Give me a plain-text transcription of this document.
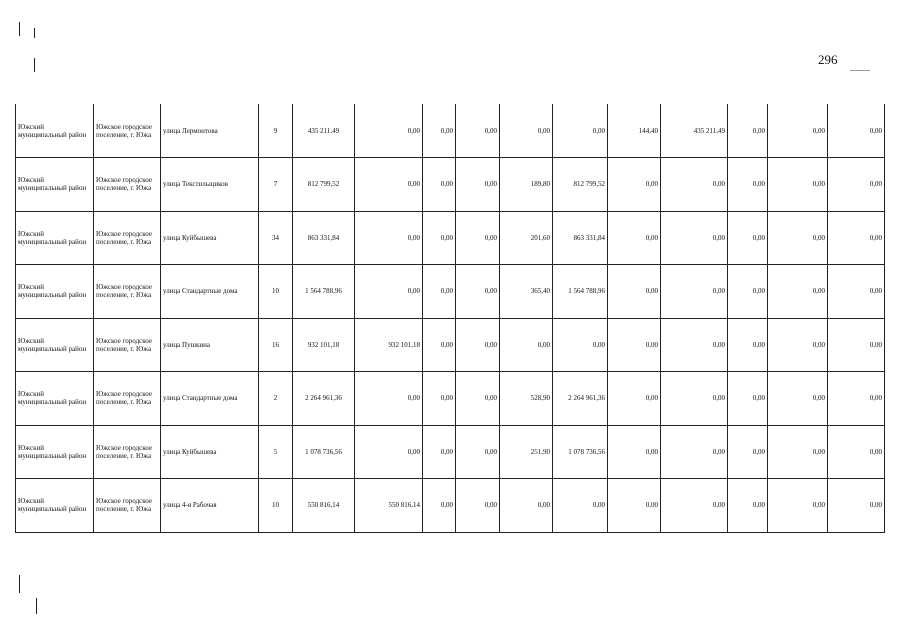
296
Южский муниципальный район	Южское городское поселение, г. Южа	улица Лермонтова	9	435 211,49	0,00	0,00	0,00	0,00	0,00	144,40	435 211,49	0,00	0,00	0,00
Южский муниципальный район	Южское городское поселение, г. Южа	улица Текстильщиков	7	812 799,52	0,00	0,00	0,00	189,80	812 799,52	0,00	0,00	0,00	0,00	0,00
Южский муниципальный район	Южское городское поселение, г. Южа	улица Куйбышева	34	863 331,84	0,00	0,00	0,00	201,60	863 331,84	0,00	0,00	0,00	0,00	0,00
Южский муниципальный район	Южское городское поселение, г. Южа	улица Стандартные дома	10	1 564 788,96	0,00	0,00	0,00	365,40	1 564 788,96	0,00	0,00	0,00	0,00	0,00
Южский муниципальный район	Южское городское поселение, г. Южа	улица Пушкина	16	932 101,18	932 101,18	0,00	0,00	0,00	0,00	0,00	0,00	0,00	0,00	0,00
Южский муниципальный район	Южское городское поселение, г. Южа	улица Стандартные дома	2	2 264 961,36	0,00	0,00	0,00	528,90	2 264 961,36	0,00	0,00	0,00	0,00	0,00
Южский муниципальный район	Южское городское поселение, г. Южа	улица Куйбышева	5	1 078 736,56	0,00	0,00	0,00	251,90	1 078 736,56	0,00	0,00	0,00	0,00	0,00
Южский муниципальный район	Южское городское поселение, г. Южа	улица 4-я Рабочая	10	550 816,14	550 816,14	0,00	0,00	0,00	0,00	0,00	0,00	0,00	0,00	0,00
